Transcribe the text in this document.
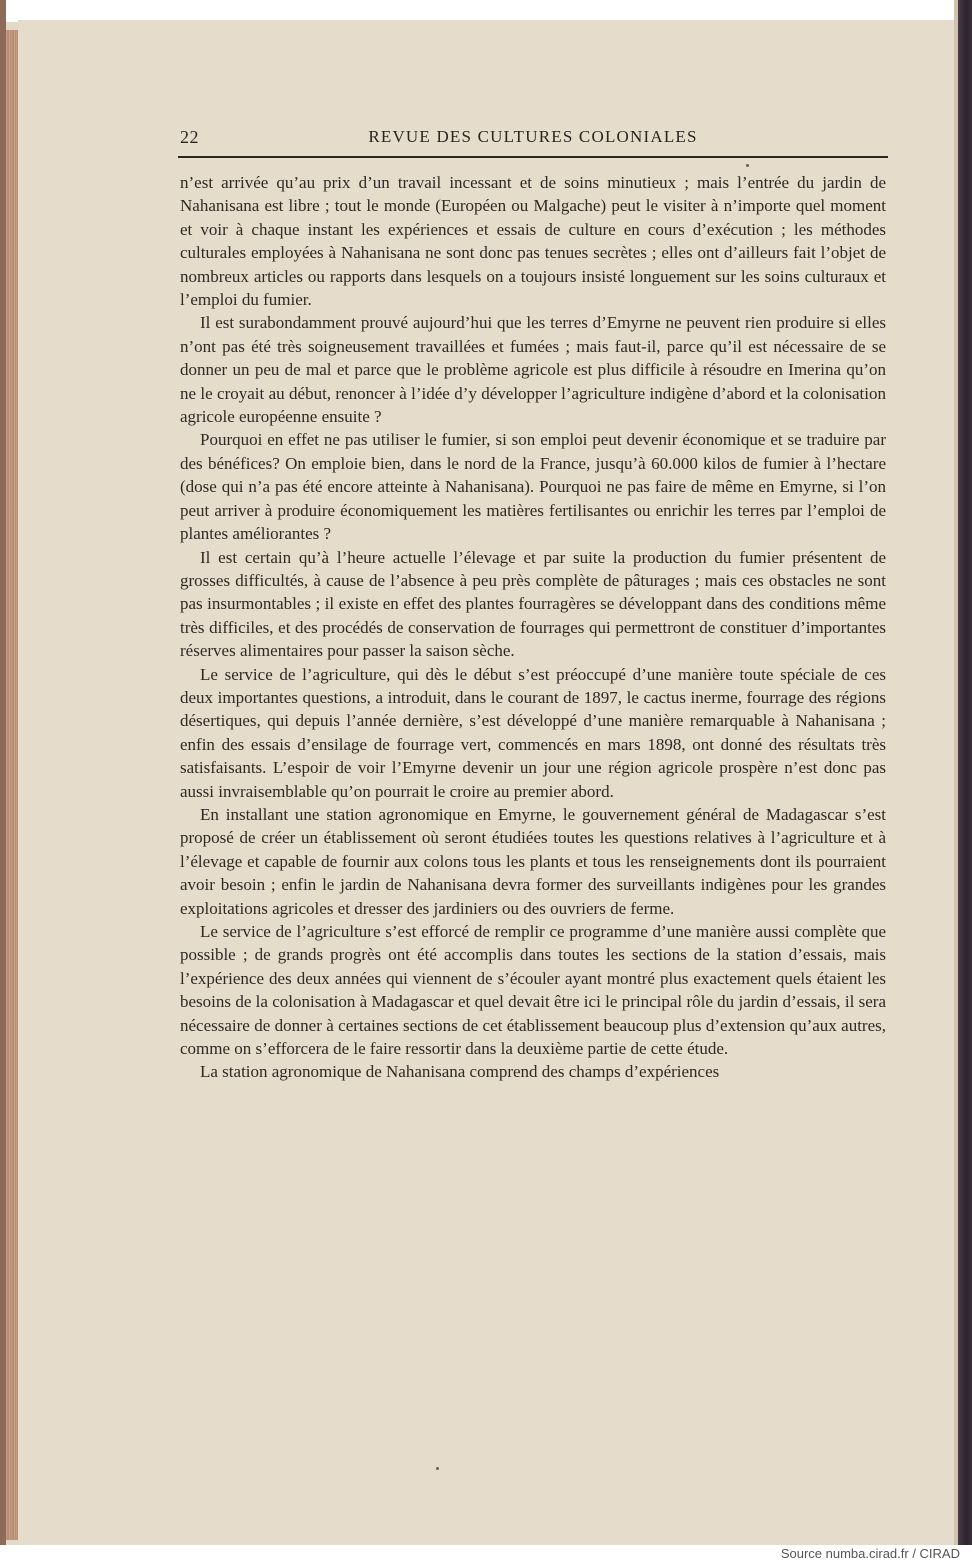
22	REVUE DES CULTURES COLONIALES

n’est arrivée qu’au prix d’un travail incessant et de soins minutieux ; mais l’entrée du jardin de Nahanisana est libre ; tout le monde (Européen ou Malgache) peut le visiter à n’importe quel moment et voir à chaque instant les expériences et essais de culture en cours d’exécution ; les méthodes culturales employées à Nahanisana ne sont donc pas tenues secrètes ; elles ont d’ailleurs fait l’objet de nombreux articles ou rapports dans lesquels on a toujours insisté longuement sur les soins culturaux et l’emploi du fumier.

Il est surabondamment prouvé aujourd’hui que les terres d’Emyrne ne peuvent rien produire si elles n’ont pas été très soigneusement travaillées et fumées ; mais faut-il, parce qu’il est nécessaire de se donner un peu de mal et parce que le problème agricole est plus difficile à résoudre en Imerina qu’on ne le croyait au début, renoncer à l’idée d’y développer l’agriculture indigène d’abord et la colonisation agricole européenne ensuite ?

Pourquoi en effet ne pas utiliser le fumier, si son emploi peut devenir économique et se traduire par des bénéfices? On emploie bien, dans le nord de la France, jusqu’à 60.000 kilos de fumier à l’hectare (dose qui n’a pas été encore atteinte à Nahanisana). Pourquoi ne pas faire de même en Emyrne, si l’on peut arriver à produire économiquement les matières fertilisantes ou enrichir les terres par l’emploi de plantes améliorantes ?

Il est certain qu’à l’heure actuelle l’élevage et par suite la production du fumier présentent de grosses difficultés, à cause de l’absence à peu près complète de pâturages ; mais ces obstacles ne sont pas insurmontables ; il existe en effet des plantes fourragères se développant dans des conditions même très difficiles, et des procédés de conservation de fourrages qui permettront de constituer d’importantes réserves alimentaires pour passer la saison sèche.

Le service de l’agriculture, qui dès le début s’est préoccupé d’une manière toute spéciale de ces deux importantes questions, a introduit, dans le courant de 1897, le cactus inerme, fourrage des régions désertiques, qui depuis l’année dernière, s’est développé d’une manière remarquable à Nahanisana ; enfin des essais d’ensilage de fourrage vert, commencés en mars 1898, ont donné des résultats très satisfaisants. L’espoir de voir l’Emyrne devenir un jour une région agricole prospère n’est donc pas aussi invraisemblable qu’on pourrait le croire au premier abord.

En installant une station agronomique en Emyrne, le gouvernement général de Madagascar s’est proposé de créer un établissement où seront étudiées toutes les questions relatives à l’agriculture et à l’élevage et capable de fournir aux colons tous les plants et tous les renseignements dont ils pourraient avoir besoin ; enfin le jardin de Nahanisana devra former des surveillants indigènes pour les grandes exploitations agricoles et dresser des jardiniers ou des ouvriers de ferme.

Le service de l’agriculture s’est efforcé de remplir ce programme d’une manière aussi complète que possible ; de grands progrès ont été accomplis dans toutes les sections de la station d’essais, mais l’expérience des deux années qui viennent de s’écouler ayant montré plus exactement quels étaient les besoins de la colonisation à Madagascar et quel devait être ici le principal rôle du jardin d’essais, il sera nécessaire de donner à certaines sections de cet établissement beaucoup plus d’extension qu’aux autres, comme on s’efforcera de le faire ressortir dans la deuxième partie de cette étude.

La station agronomique de Nahanisana comprend des champs d’expériences

Source numba.cirad.fr / CIRAD
